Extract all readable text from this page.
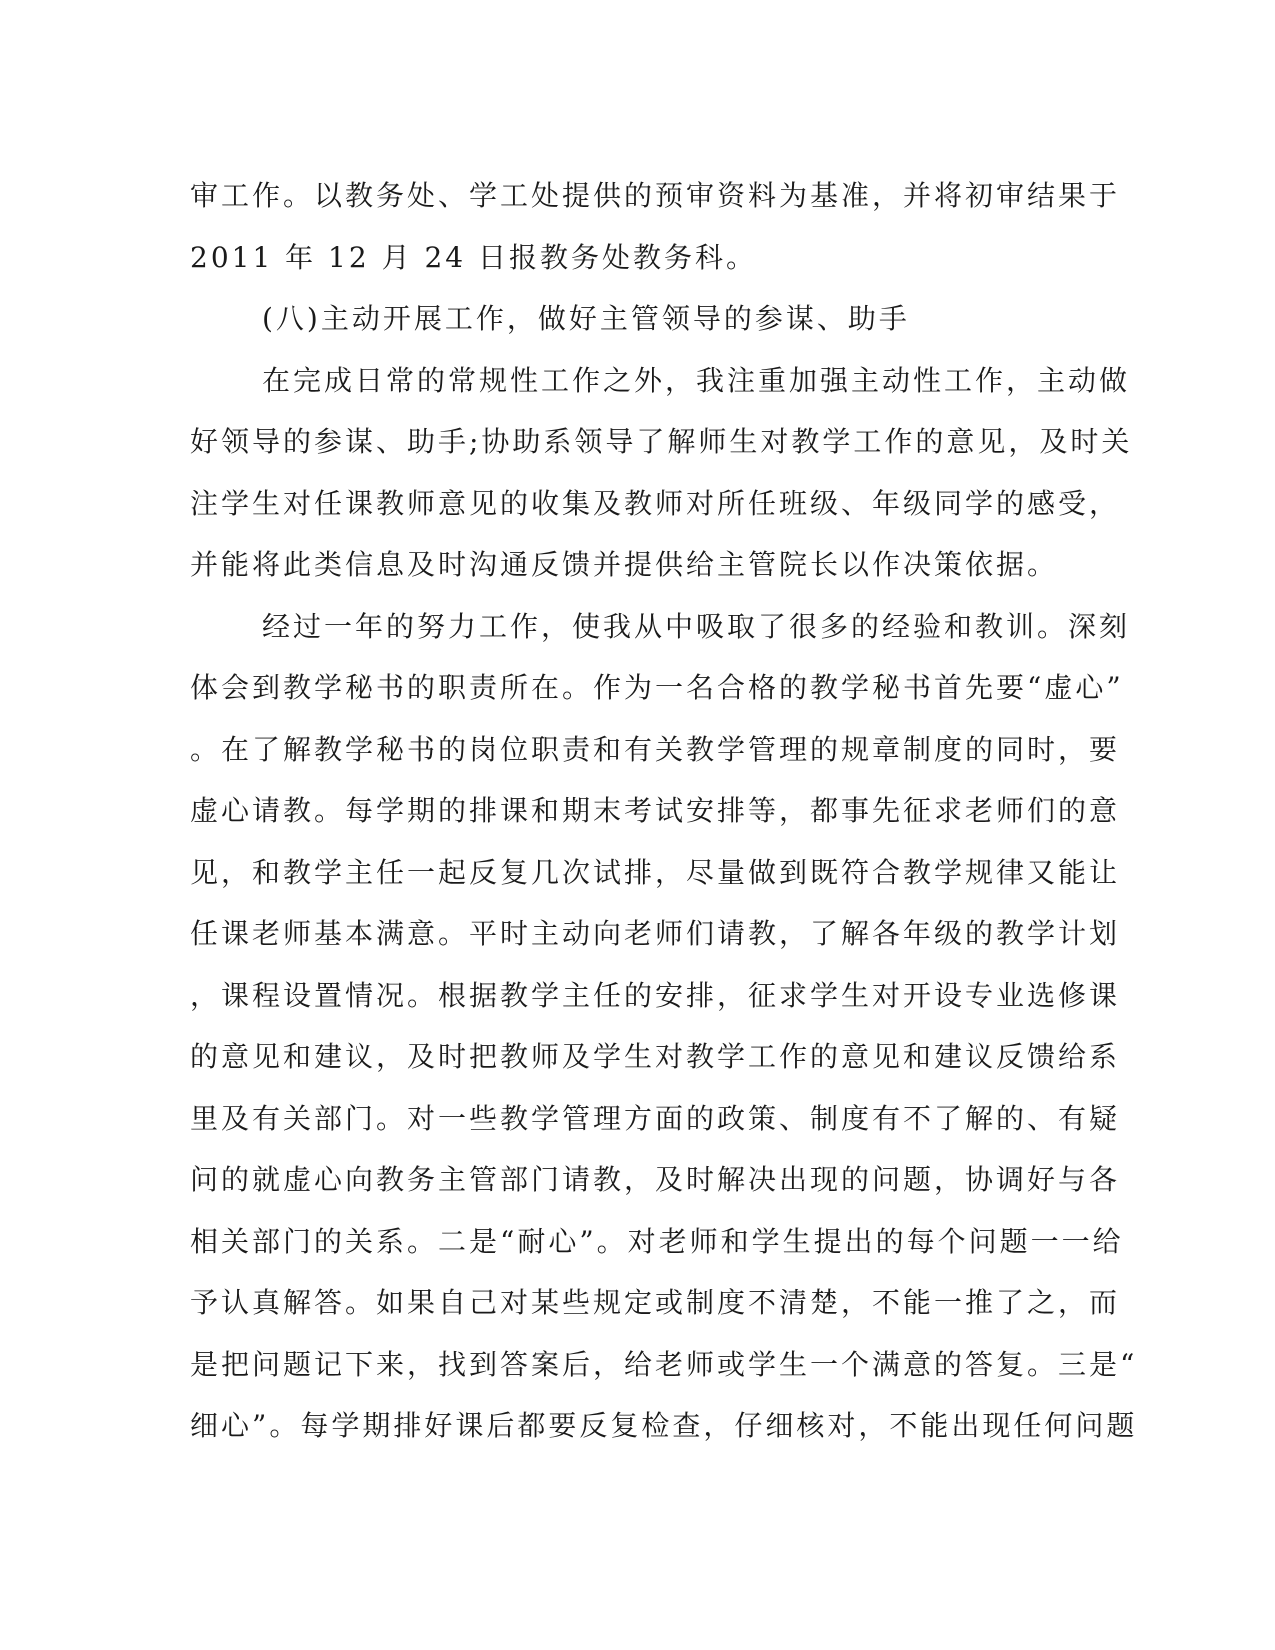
审工作。以教务处、学工处提供的预审资料为基准，并将初审结果于
2011 年 12 月 24 日报教务处教务科。
(八)主动开展工作，做好主管领导的参谋、助手
在完成日常的常规性工作之外，我注重加强主动性工作，主动做
好领导的参谋、助手;协助系领导了解师生对教学工作的意见，及时关
注学生对任课教师意见的收集及教师对所任班级、年级同学的感受，
并能将此类信息及时沟通反馈并提供给主管院长以作决策依据。
经过一年的努力工作，使我从中吸取了很多的经验和教训。深刻
体会到教学秘书的职责所在。作为一名合格的教学秘书首先要“虚心”
。在了解教学秘书的岗位职责和有关教学管理的规章制度的同时，要
虚心请教。每学期的排课和期末考试安排等，都事先征求老师们的意
见，和教学主任一起反复几次试排，尽量做到既符合教学规律又能让
任课老师基本满意。平时主动向老师们请教，了解各年级的教学计划
，课程设置情况。根据教学主任的安排，征求学生对开设专业选修课
的意见和建议，及时把教师及学生对教学工作的意见和建议反馈给系
里及有关部门。对一些教学管理方面的政策、制度有不了解的、有疑
问的就虚心向教务主管部门请教，及时解决出现的问题，协调好与各
相关部门的关系。二是“耐心”。对老师和学生提出的每个问题一一给
予认真解答。如果自己对某些规定或制度不清楚，不能一推了之，而
是把问题记下来，找到答案后，给老师或学生一个满意的答复。三是“
细心”。每学期排好课后都要反复检查，仔细核对，不能出现任何问题
